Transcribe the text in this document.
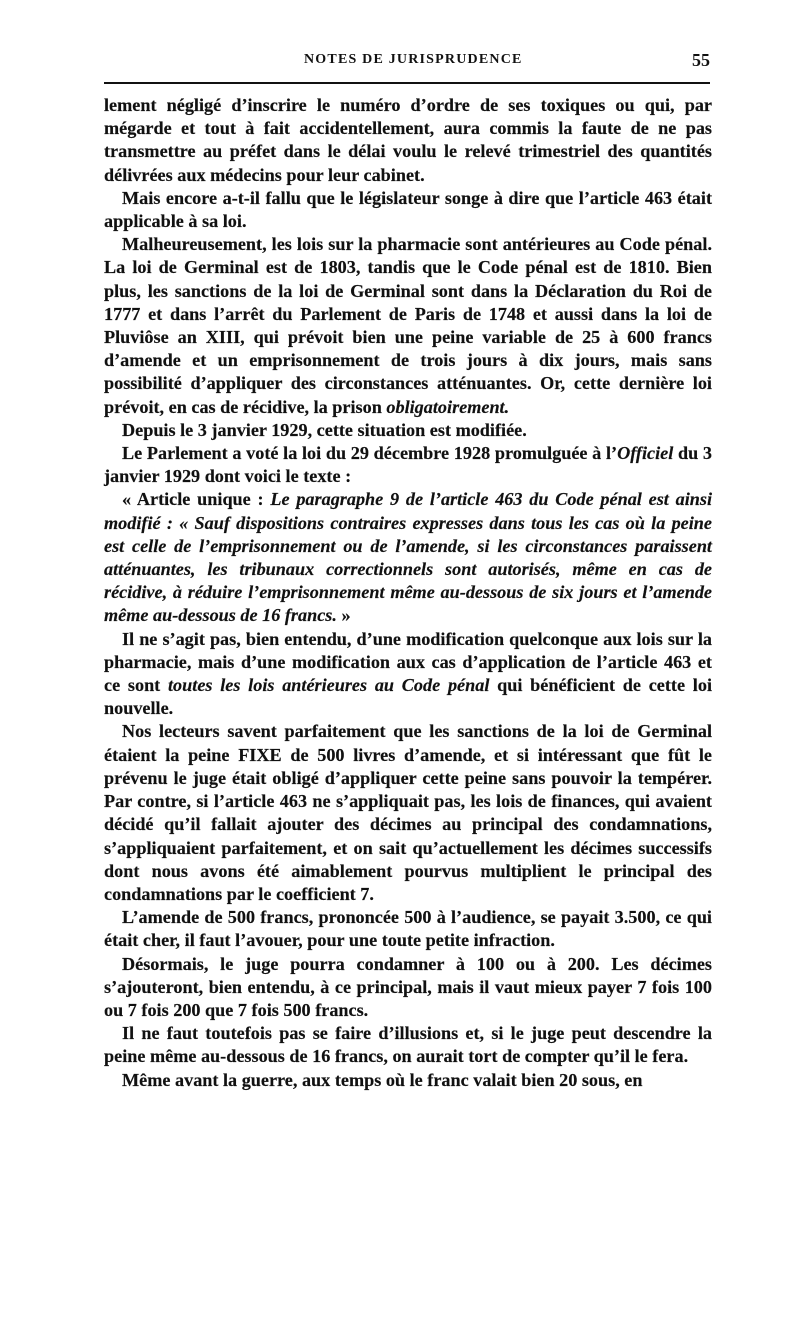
NOTES DE JURISPRUDENCE	55

lement négligé d’inscrire le numéro d’ordre de ses toxiques ou qui, par mégarde et tout à fait accidentellement, aura commis la faute de ne pas transmettre au préfet dans le délai voulu le relevé trimestriel des quantités délivrées aux médecins pour leur cabinet.

Mais encore a-t-il fallu que le législateur songe à dire que l’article 463 était applicable à sa loi.

Malheureusement, les lois sur la pharmacie sont antérieures au Code pénal. La loi de Germinal est de 1803, tandis que le Code pénal est de 1810. Bien plus, les sanctions de la loi de Germinal sont dans la Déclaration du Roi de 1777 et dans l’arrêt du Parlement de Paris de 1748 et aussi dans la loi de Pluviôse an XIII, qui prévoit bien une peine variable de 25 à 600 francs d’amende et un emprisonnement de trois jours à dix jours, mais sans possibilité d’appliquer des circonstances atténuantes. Or, cette dernière loi prévoit, en cas de récidive, la prison obligatoirement.

Depuis le 3 janvier 1929, cette situation est modifiée.

Le Parlement a voté la loi du 29 décembre 1928 promulguée à l’Officiel du 3 janvier 1929 dont voici le texte :

« Article unique : Le paragraphe 9 de l’article 463 du Code pénal est ainsi modifié : « Sauf dispositions contraires expresses dans tous les cas où la peine est celle de l’emprisonnement ou de l’amende, si les circonstances paraissent atténuantes, les tribunaux correctionnels sont autorisés, même en cas de récidive, à réduire l’emprisonnement même au-dessous de six jours et l’amende même au-dessous de 16 francs. »

Il ne s’agit pas, bien entendu, d’une modification quelconque aux lois sur la pharmacie, mais d’une modification aux cas d’application de l’article 463 et ce sont toutes les lois antérieures au Code pénal qui bénéficient de cette loi nouvelle.

Nos lecteurs savent parfaitement que les sanctions de la loi de Germinal étaient la peine FIXE de 500 livres d’amende, et si intéressant que fût le prévenu le juge était obligé d’appliquer cette peine sans pouvoir la tempérer. Par contre, si l’article 463 ne s’appliquait pas, les lois de finances, qui avaient décidé qu’il fallait ajouter des décimes au principal des condamnations, s’appliquaient parfaitement, et on sait qu’actuellement les décimes successifs dont nous avons été aimablement pourvus multiplient le principal des condamnations par le coefficient 7.

L’amende de 500 francs, prononcée 500 à l’audience, se payait 3.500, ce qui était cher, il faut l’avouer, pour une toute petite infraction.

Désormais, le juge pourra condamner à 100 ou à 200. Les décimes s’ajouteront, bien entendu, à ce principal, mais il vaut mieux payer 7 fois 100 ou 7 fois 200 que 7 fois 500 francs.

Il ne faut toutefois pas se faire d’illusions et, si le juge peut descendre la peine même au-dessous de 16 francs, on aurait tort de compter qu’il le fera.

Même avant la guerre, aux temps où le franc valait bien 20 sous, en
